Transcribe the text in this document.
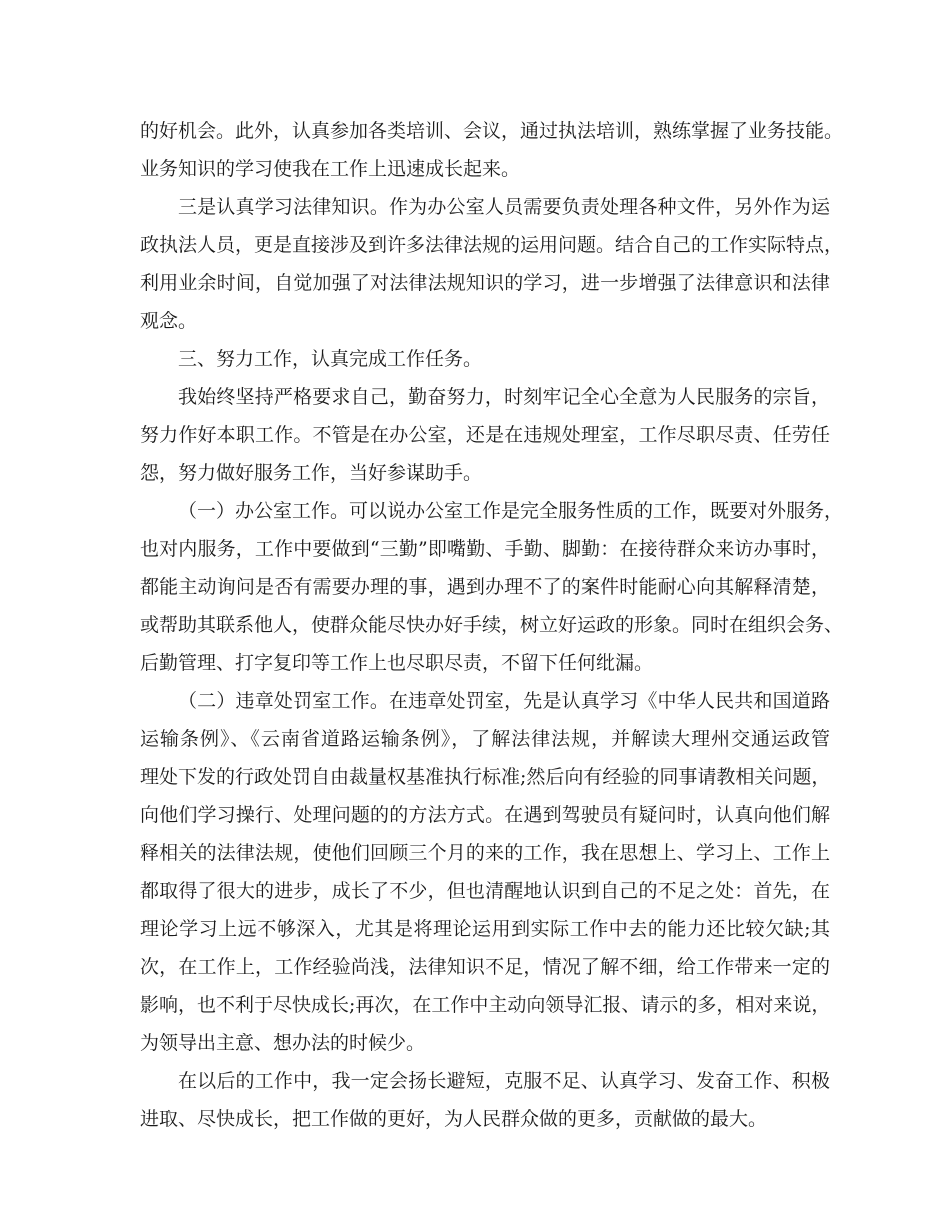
的好机会。此外，认真参加各类培训、会议，通过执法培训，熟练掌握了业务技能。
业务知识的学习使我在工作上迅速成长起来。
三是认真学习法律知识。作为办公室人员需要负责处理各种文件，另外作为运
政执法人员，更是直接涉及到许多法律法规的运用问题。结合自己的工作实际特点，
利用业余时间，自觉加强了对法律法规知识的学习，进一步增强了法律意识和法律
观念。
三、努力工作，认真完成工作任务。
我始终坚持严格要求自己，勤奋努力，时刻牢记全心全意为人民服务的宗旨，
努力作好本职工作。不管是在办公室，还是在违规处理室，工作尽职尽责、任劳任
怨，努力做好服务工作，当好参谋助手。
（一）办公室工作。可以说办公室工作是完全服务性质的工作，既要对外服务，
也对内服务，工作中要做到“三勤”即嘴勤、手勤、脚勤：在接待群众来访办事时，
都能主动询问是否有需要办理的事，遇到办理不了的案件时能耐心向其解释清楚，
或帮助其联系他人，使群众能尽快办好手续，树立好运政的形象。同时在组织会务、
后勤管理、打字复印等工作上也尽职尽责，不留下任何纰漏。
（二）违章处罚室工作。在违章处罚室，先是认真学习《中华人民共和国道路
运输条例》、《云南省道路运输条例》，了解法律法规，并解读大理州交通运政管
理处下发的行政处罚自由裁量权基准执行标准;然后向有经验的同事请教相关问题，
向他们学习操行、处理问题的的方法方式。在遇到驾驶员有疑问时，认真向他们解
释相关的法律法规，使他们回顾三个月的来的工作，我在思想上、学习上、工作上
都取得了很大的进步，成长了不少，但也清醒地认识到自己的不足之处：首先，在
理论学习上远不够深入，尤其是将理论运用到实际工作中去的能力还比较欠缺;其
次，在工作上，工作经验尚浅，法律知识不足，情况了解不细，给工作带来一定的
影响，也不利于尽快成长;再次，在工作中主动向领导汇报、请示的多，相对来说，
为领导出主意、想办法的时候少。
在以后的工作中，我一定会扬长避短，克服不足、认真学习、发奋工作、积极
进取、尽快成长，把工作做的更好，为人民群众做的更多，贡献做的最大。
